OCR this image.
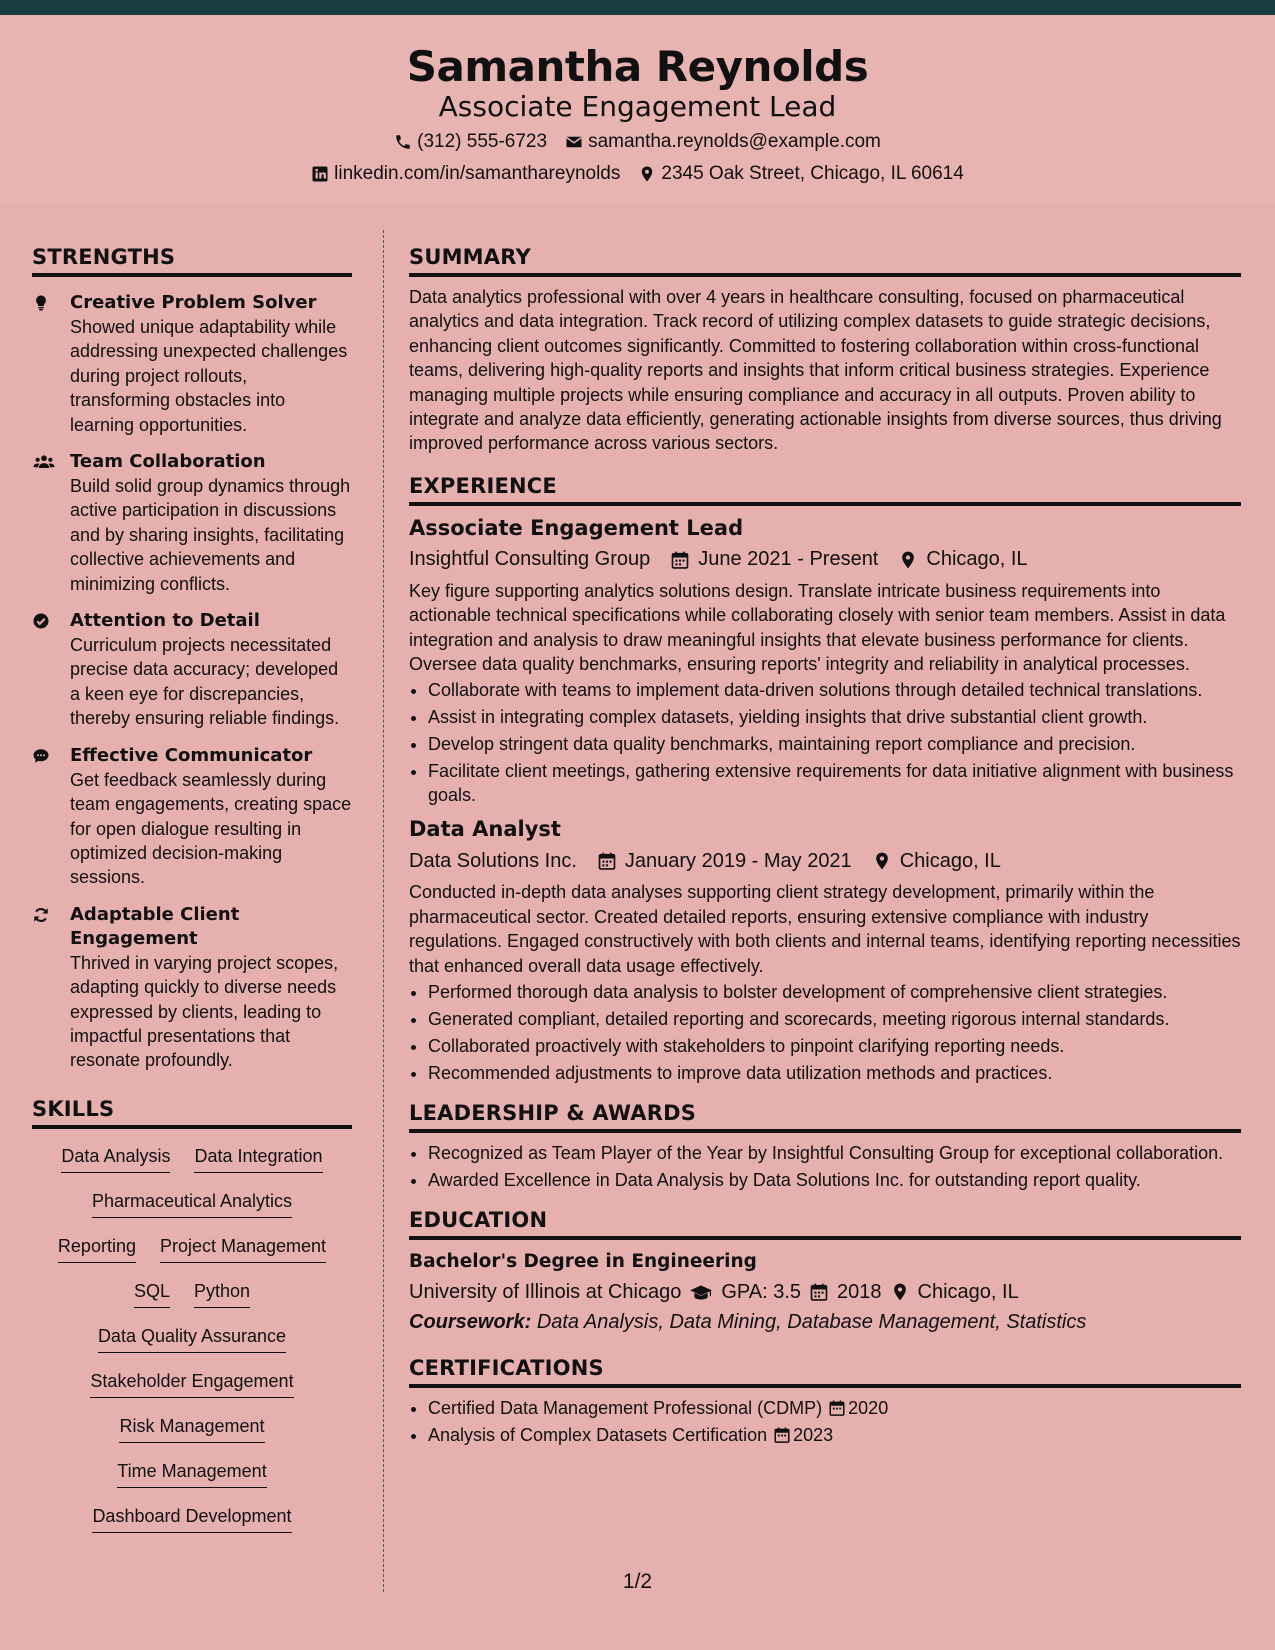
Samantha Reynolds
Associate Engagement Lead
(312) 555-6723 samantha.reynolds@example.com
linkedin.com/in/samanthareynolds 2345 Oak Street, Chicago, IL 60614
STRENGTHS
Creative Problem Solver
Showed unique adaptability while addressing unexpected challenges during project rollouts, transforming obstacles into learning opportunities.
Team Collaboration
Build solid group dynamics through active participation in discussions and by sharing insights, facilitating collective achievements and minimizing conflicts.
Attention to Detail
Curriculum projects necessitated precise data accuracy; developed a keen eye for discrepancies, thereby ensuring reliable findings.
Effective Communicator
Get feedback seamlessly during team engagements, creating space for open dialogue resulting in optimized decision-making sessions.
Adaptable Client Engagement
Thrived in varying project scopes, adapting quickly to diverse needs expressed by clients, leading to impactful presentations that resonate profoundly.
SKILLS
Data Analysis Data Integration
Pharmaceutical Analytics
Reporting Project Management
SQL Python
Data Quality Assurance
Stakeholder Engagement
Risk Management
Time Management
Dashboard Development
SUMMARY

Data analytics professional with over 4 years in healthcare consulting, focused on pharmaceutical analytics and data integration. Track record of utilizing complex datasets to guide strategic decisions, enhancing client outcomes significantly. Committed to fostering collaboration within cross-functional teams, delivering high-quality reports and insights that inform critical business strategies. Experience managing multiple projects while ensuring compliance and accuracy in all outputs. Proven ability to integrate and analyze data efficiently, generating actionable insights from diverse sources, thus driving improved performance across various sectors.

EXPERIENCE
Associate Engagement Lead
Insightful Consulting Group June 2021 - Present Chicago, IL

Key figure supporting analytics solutions design. Translate intricate business requirements into actionable technical specifications while collaborating closely with senior team members. Assist in data integration and analysis to draw meaningful insights that elevate business performance for clients. Oversee data quality benchmarks, ensuring reports' integrity and reliability in analytical processes.

• Collaborate with teams to implement data-driven solutions through detailed technical translations.
• Assist in integrating complex datasets, yielding insights that drive substantial client growth.
• Develop stringent data quality benchmarks, maintaining report compliance and precision.
• Facilitate client meetings, gathering extensive requirements for data initiative alignment with business goals.
Data Analyst
Data Solutions Inc. January 2019 - May 2021 Chicago, IL

Conducted in-depth data analyses supporting client strategy development, primarily within the pharmaceutical sector. Created detailed reports, ensuring extensive compliance with industry regulations. Engaged constructively with both clients and internal teams, identifying reporting necessities that enhanced overall data usage effectively.

• Performed thorough data analysis to bolster development of comprehensive client strategies.
• Generated compliant, detailed reporting and scorecards, meeting rigorous internal standards.
• Collaborated proactively with stakeholders to pinpoint clarifying reporting needs.
• Recommended adjustments to improve data utilization methods and practices.
LEADERSHIP & AWARDS
• Recognized as Team Player of the Year by Insightful Consulting Group for exceptional collaboration.
• Awarded Excellence in Data Analysis by Data Solutions Inc. for outstanding report quality.
EDUCATION
Bachelor's Degree in Engineering
University of Illinois at Chicago GPA: 3.5 2018 Chicago, IL
Coursework: Data Analysis, Data Mining, Database Management, Statistics
CERTIFICATIONS
• Certified Data Management Professional (CDMP) 2020
• Analysis of Complex Datasets Certification 2023
1/2
